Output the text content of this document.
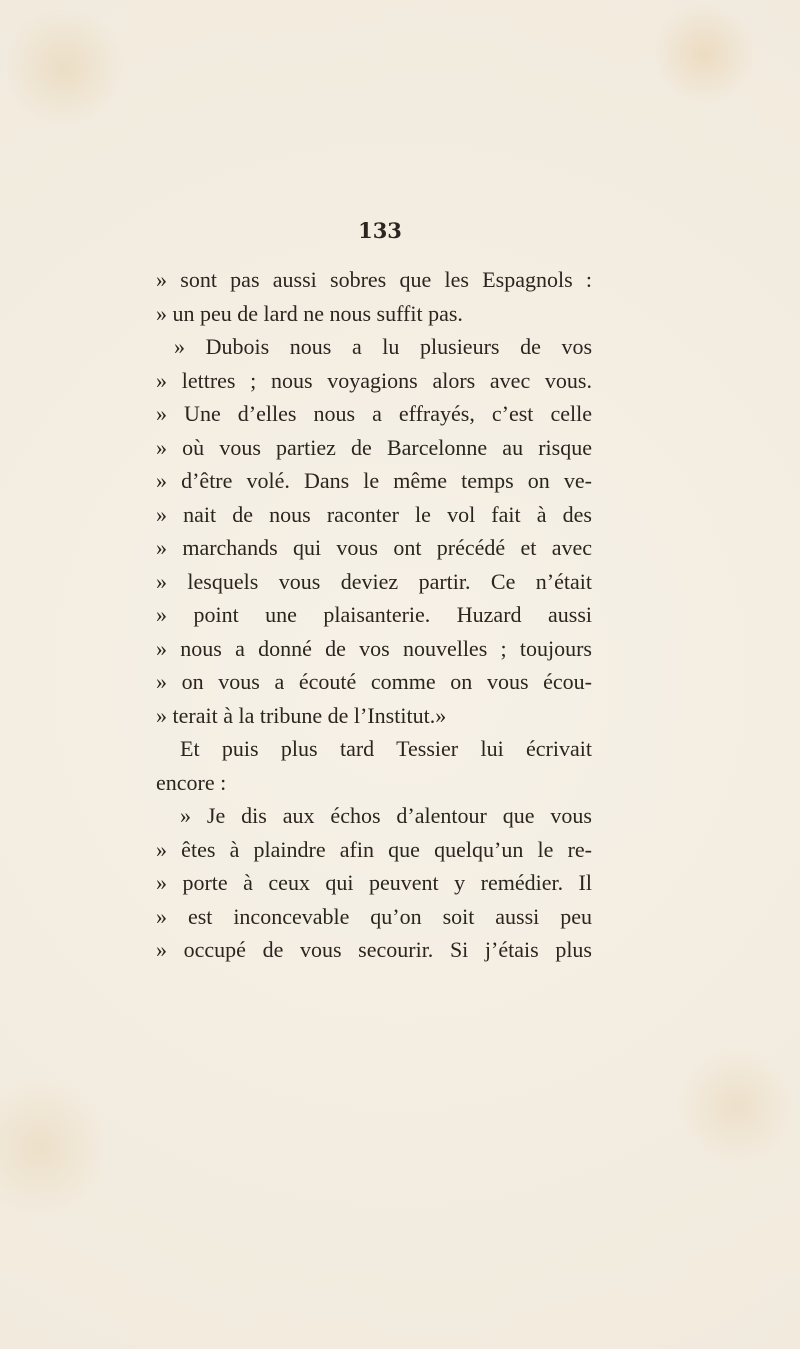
133
» sont pas aussi sobres que les Espagnols :
» un peu de lard ne nous suffit pas.
» Dubois nous a lu plusieurs de vos
» lettres ; nous voyagions alors avec vous.
» Une d’elles nous a effrayés, c’est celle
» où vous partiez de Barcelonne au risque
» d’être volé. Dans le même temps on ve-
» nait de nous raconter le vol fait à des
» marchands qui vous ont précédé et avec
» lesquels vous deviez partir. Ce n’était
» point une plaisanterie. Huzard aussi
» nous a donné de vos nouvelles ; toujours
» on vous a écouté comme on vous écou-
» terait à la tribune de l’Institut.»
Et puis plus tard Tessier lui écrivait
encore :
» Je dis aux échos d’alentour que vous
» êtes à plaindre afin que quelqu’un le re-
» porte à ceux qui peuvent y remédier. Il
» est inconcevable qu’on soit aussi peu
» occupé de vous secourir. Si j’étais plus
